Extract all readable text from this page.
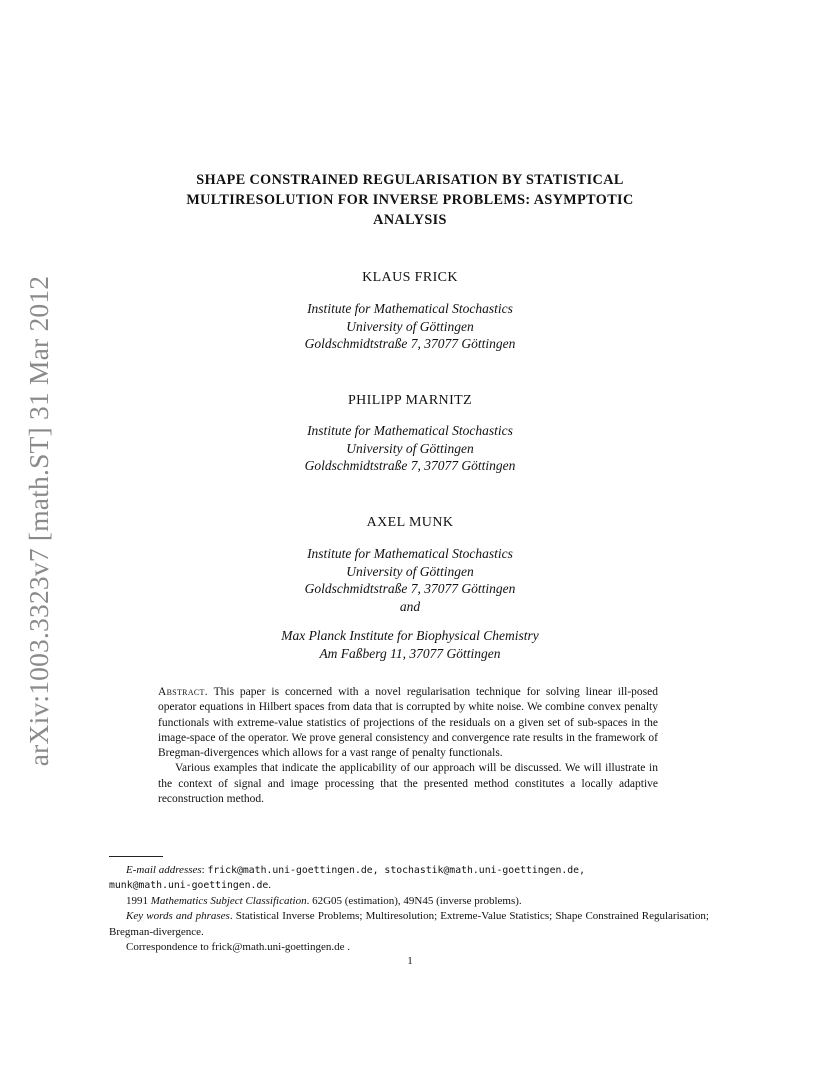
arXiv:1003.3323v7 [math.ST] 31 Mar 2012
SHAPE CONSTRAINED REGULARISATION BY STATISTICAL
MULTIRESOLUTION FOR INVERSE PROBLEMS: ASYMPTOTIC
ANALYSIS
KLAUS FRICK
Institute for Mathematical Stochastics
University of Göttingen
Goldschmidtstraße 7, 37077 Göttingen
PHILIPP MARNITZ
Institute for Mathematical Stochastics
University of Göttingen
Goldschmidtstraße 7, 37077 Göttingen
AXEL MUNK
Institute for Mathematical Stochastics
University of Göttingen
Goldschmidtstraße 7, 37077 Göttingen
and
Max Planck Institute for Biophysical Chemistry
Am Faßberg 11, 37077 Göttingen

Abstract. This paper is concerned with a novel regularisation technique for solving linear ill-posed operator equations in Hilbert spaces from data that is corrupted by white noise. We combine convex penalty functionals with extreme-value statistics of projections of the residuals on a given set of sub-spaces in the image-space of the operator. We prove general consistency and convergence rate results in the framework of Bregman-divergences which allows for a vast range of penalty functionals.

Various examples that indicate the applicability of our approach will be discussed. We will illustrate in the context of signal and image processing that the presented method constitutes a locally adaptive reconstruction method.

E-mail addresses: frick@math.uni-goettingen.de, stochastik@math.uni-goettingen.de,

munk@math.uni-goettingen.de.

1991 Mathematics Subject Classification. 62G05 (estimation), 49N45 (inverse problems).

Key words and phrases. Statistical Inverse Problems; Multiresolution; Extreme-Value Statistics; Shape Constrained Regularisation; Bregman-divergence.

Correspondence to frick@math.uni-goettingen.de .

1
